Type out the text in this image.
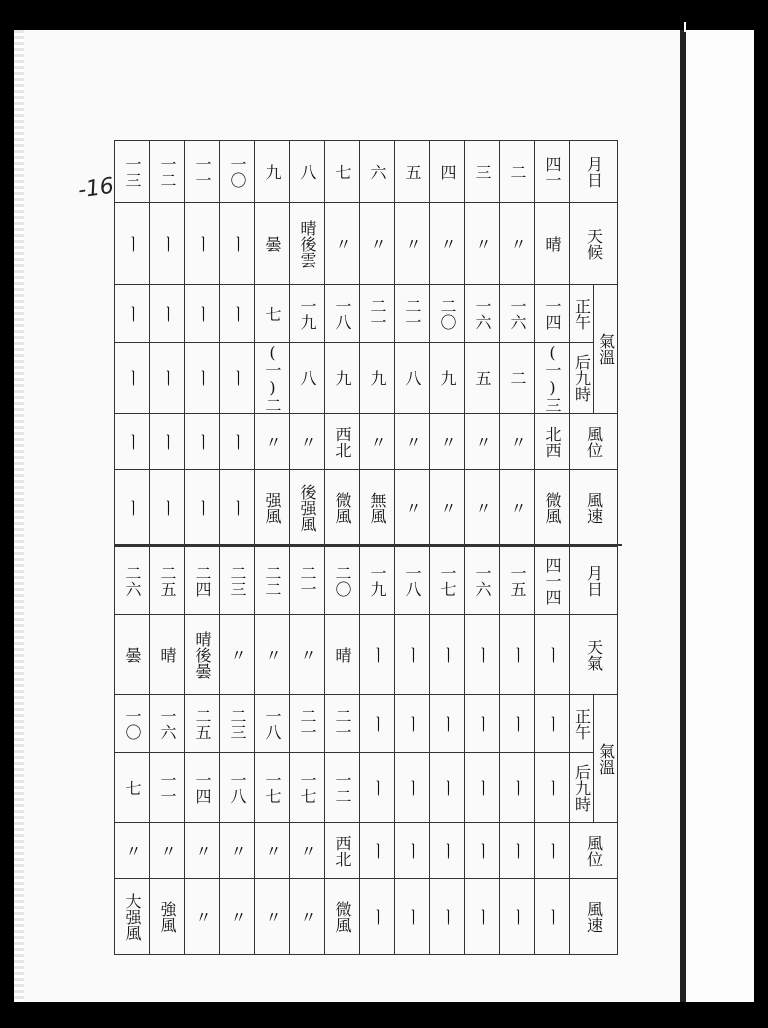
-16
一三	一二	一一	一〇	九	八	七	六	五	四	三	二	四一	月日	
ㅣ	ㅣ	ㅣ	ㅣ	曇	晴後雲	〃	〃	〃	〃	〃	〃	晴	天候	
ㅣ	ㅣ	ㅣ	ㅣ	七	一九	一八	二一	二一	二〇	一六	一六	一四	正午	氣溫
ㅣ	ㅣ	ㅣ	ㅣ	(一)二	八	九	九	八	九	五	二	(一)三	后九時	
ㅣ	ㅣ	ㅣ	ㅣ	〃	〃	西北	〃	〃	〃	〃	〃	北西	風位	
ㅣ	ㅣ	ㅣ	ㅣ	强風	後强風	微風	無風	〃	〃	〃	〃	微風	風速	
二六	二五	二四	二三	二二	二一	二〇	一九	一八	一七	一六	一五	四一四	月日	
曇	晴	晴後曇	〃	〃	〃	晴	ㅣ	ㅣ	ㅣ	ㅣ	ㅣ	ㅣ	天氣	
一〇	一六	二五	二三	一八	二一	二一	ㅣ	ㅣ	ㅣ	ㅣ	ㅣ	ㅣ	正午	氣溫
七	一一	一四	一八	一七	一七	一二	ㅣ	ㅣ	ㅣ	ㅣ	ㅣ	ㅣ	后九時	
〃	〃	〃	〃	〃	〃	西北	ㅣ	ㅣ	ㅣ	ㅣ	ㅣ	ㅣ	風位	
大强風	強風	〃	〃	〃	〃	微風	ㅣ	ㅣ	ㅣ	ㅣ	ㅣ	ㅣ	風速	
